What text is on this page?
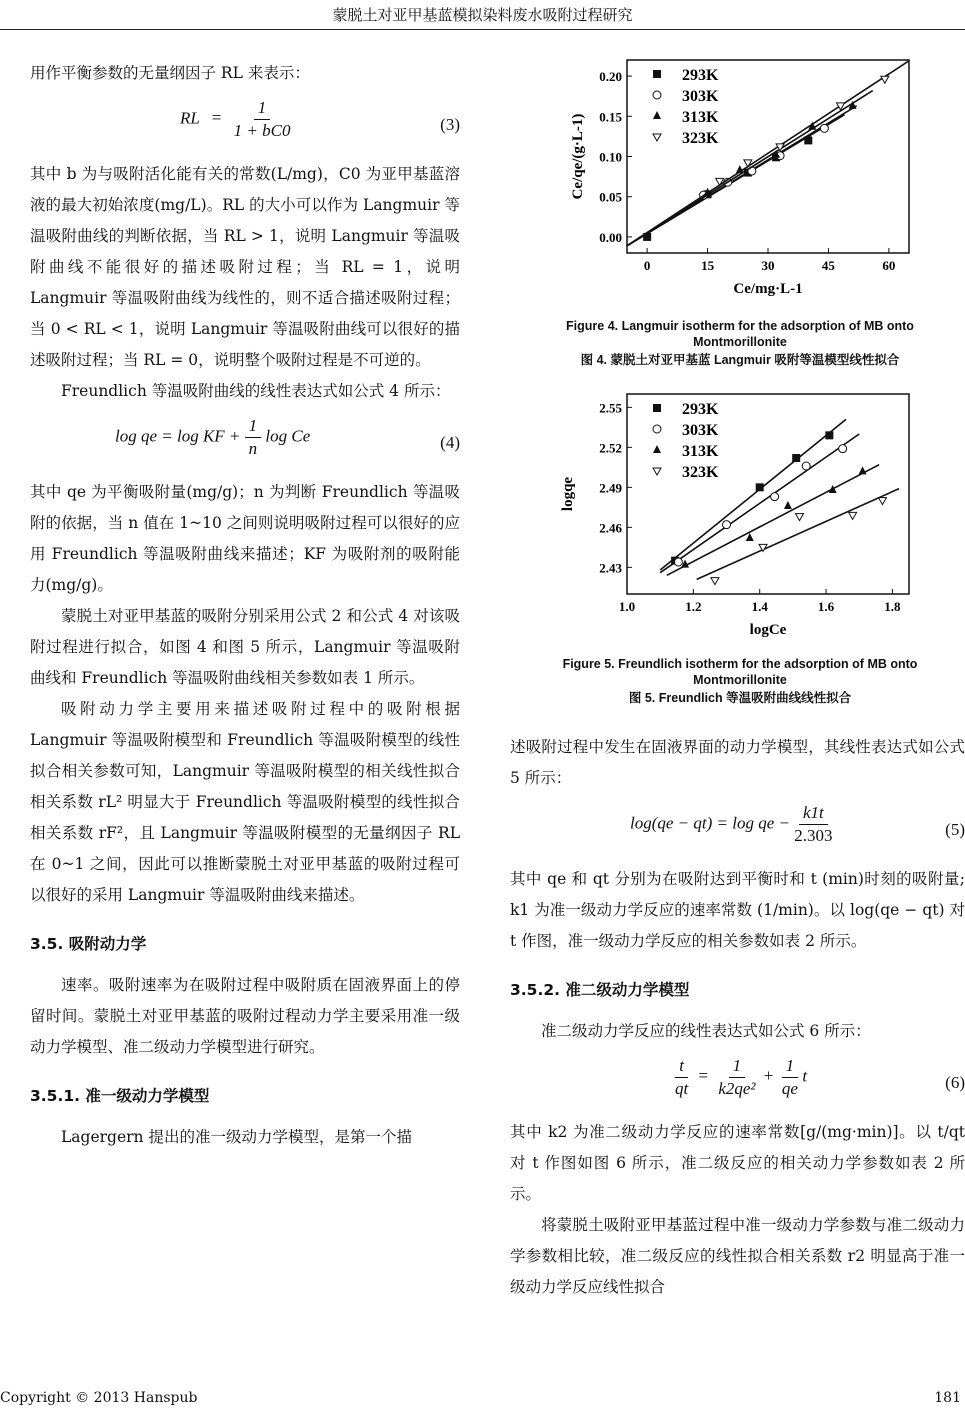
蒙脱土对亚甲基蓝模拟染料废水吸附过程研究

用作平衡参数的无量纲因子 RL 来表示：

RL = $\frac{1}{1 + bC0}$	(3)

其中 b 为与吸附活化能有关的常数(L/mg)，C0 为亚甲基蓝溶液的最大初始浓度(mg/L)。RL 的大小可以作为 Langmuir 等温吸附曲线的判断依据，当 RL > 1，说明 Langmuir 等温吸附曲线不能很好的描述吸附过程；当 RL = 1，说明 Langmuir 等温吸附曲线为线性的，则不适合描述吸附过程；当 0 < RL < 1，说明 Langmuir 等温吸附曲线可以很好的描述吸附过程；当 RL = 0，说明整个吸附过程是不可逆的。

Freundlich 等温吸附曲线的线性表达式如公式 4 所示：

log qe = log KF + $\frac{1}{n}$ log Ce	(4)

其中 qe 为平衡吸附量(mg/g)；n 为判断 Freundlich 等温吸附的依据，当 n 值在 1~10 之间则说明吸附过程可以很好的应用 Freundlich 等温吸附曲线来描述；KF 为吸附剂的吸附能力(mg/g)。

蒙脱土对亚甲基蓝的吸附分别采用公式 2 和公式 4 对该吸附过程进行拟合，如图 4 和图 5 所示，Langmuir 等温吸附曲线和 Freundlich 等温吸附曲线相关参数如表 1 所示。

吸附动力学主要用来描述吸附过程中的吸附根据 Langmuir 等温吸附模型和 Freundlich 等温吸附模型的线性拟合相关参数可知，Langmuir 等温吸附模型的相关线性拟合相关系数 rL² 明显大于 Freundlich 等温吸附模型的线性拟合相关系数 rF²，且 Langmuir 等温吸附模型的无量纲因子 RL 在 0~1 之间，因此可以推断蒙脱土对亚甲基蓝的吸附过程可以很好的采用 Langmuir 等温吸附曲线来描述。

3.5. 吸附动力学

速率。吸附速率为在吸附过程中吸附质在固液界面上的停留时间。蒙脱土对亚甲基蓝的吸附过程动力学主要采用准一级动力学模型、准二级动力学模型进行研究。

3.5.1. 准一级动力学模型

Lagergern 提出的准一级动力学模型，是第一个描

0	15	30	45	60
0.00
0.05
0.10
0.15
0.20
Ce/mg·L-1
Ce/qe/(g·L-1)
293K
303K
313K
323K
Figure 4. Langmuir isotherm for the adsorption of MB onto Montmorillonite
图 4. 蒙脱土对亚甲基蓝 Langmuir 吸附等温模型线性拟合
1.0	1.2	1.4	1.6	1.8
2.43
2.46
2.49
2.52
2.55
logCe
logqe
293K
303K
313K
323K
Figure 5. Freundlich isotherm for the adsorption of MB onto Montmorillonite
图 5. Freundlich 等温吸附曲线线性拟合

述吸附过程中发生在固液界面的动力学模型，其线性表达式如公式 5 所示：

log(qe − qt) = log qe − $\frac{k1t}{2.303}$	(5)

其中 qe 和 qt 分别为在吸附达到平衡时和 t (min)时刻的吸附量; k1 为准一级动力学反应的速率常数 (1/min)。以 log(qe − qt) 对 t 作图，准一级动力学反应的相关参数如表 2 所示。

3.5.2. 准二级动力学模型

准二级动力学反应的线性表达式如公式 6 所示：

$\frac{t}{qt} = \frac{1}{\text{k2qe²}} + \frac{1}{qe}$ t	(6)

其中 k2 为准二级动力学反应的速率常数[g/(mg·min)]。以 t/qt 对 t 作图如图 6 所示，准二级反应的相关动力学参数如表 2 所示。

将蒙脱土吸附亚甲基蓝过程中准一级动力学参数与准二级动力学参数相比较，准二级反应的线性拟合相关系数 r2 明显高于准一级动力学反应线性拟合

Copyright © 2013 Hanspub	181
